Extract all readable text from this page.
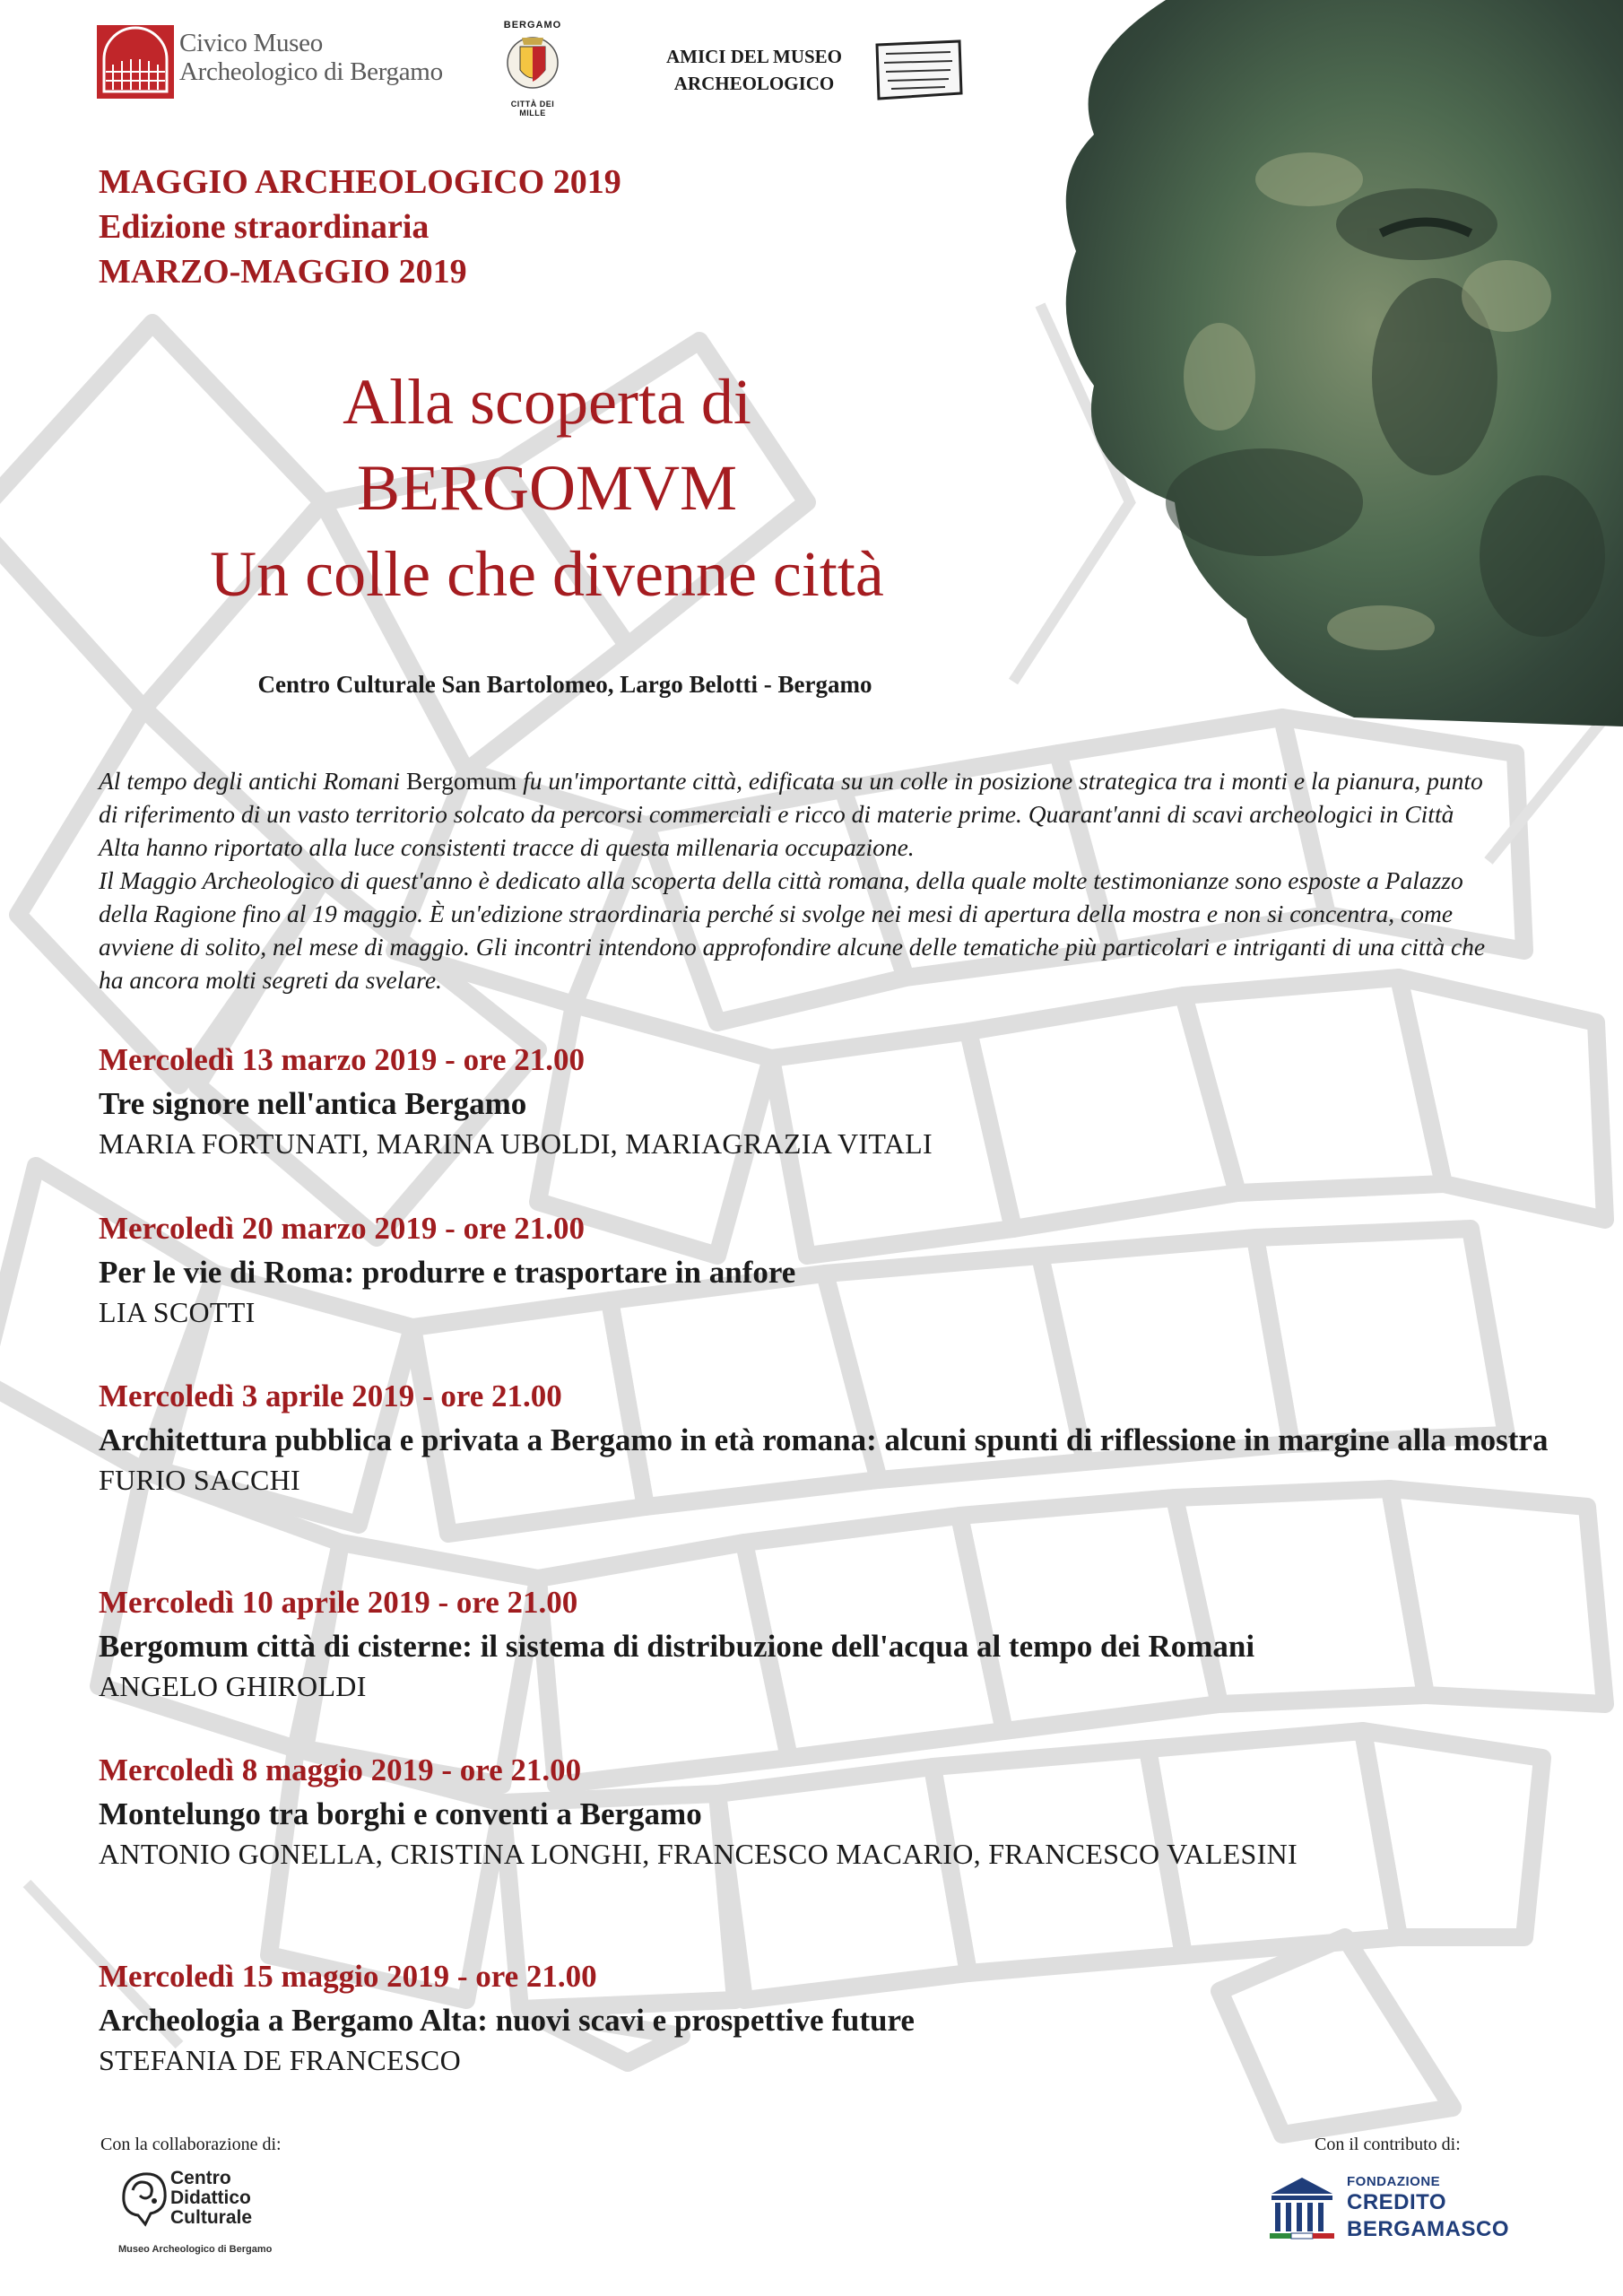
Civico Museo
Archeologico di Bergamo
BERGAMO
CITTÀ DEI MILLE
AMICI DEL MUSEO
ARCHEOLOGICO
MAGGIO ARCHEOLOGICO 2019
Edizione straordinaria
MARZO-MAGGIO 2019
Alla scoperta di
BERGOMVM
Un colle che divenne città
Centro Culturale San Bartolomeo, Largo Belotti - Bergamo

Al tempo degli antichi Romani Bergomum fu un'importante città, edificata su un colle in posizione strategica tra i monti e la pianura, punto di riferimento di un vasto territorio solcato da percorsi commerciali e ricco di materie prime. Quarant'anni di scavi archeologici in Città Alta hanno riportato alla luce consistenti tracce di questa millenaria occupazione.

Il Maggio Archeologico di quest'anno è dedicato alla scoperta della città romana, della quale molte testimonianze sono esposte a Palazzo della Ragione fino al 19 maggio. È un'edizione straordinaria perché si svolge nei mesi di apertura della mostra e non si concentra, come avviene di solito, nel mese di maggio. Gli incontri intendono approfondire alcune delle tematiche più particolari e intriganti di una città che ha ancora molti segreti da svelare.

Mercoledì 13 marzo 2019 - ore 21.00
Tre signore nell'antica Bergamo
MARIA FORTUNATI, MARINA UBOLDI, MARIAGRAZIA VITALI
Mercoledì 20 marzo 2019 - ore 21.00
Per le vie di Roma: produrre e trasportare in anfore
LIA SCOTTI
Mercoledì 3 aprile 2019 - ore 21.00
Architettura pubblica e privata a Bergamo in età romana: alcuni spunti di riflessione in margine alla mostra
FURIO SACCHI
Mercoledì 10 aprile 2019 - ore 21.00
Bergomum città di cisterne: il sistema di distribuzione dell'acqua al tempo dei Romani
ANGELO GHIROLDI
Mercoledì 8 maggio 2019 - ore 21.00
Montelungo tra borghi e conventi a Bergamo
ANTONIO GONELLA, CRISTINA LONGHI, FRANCESCO MACARIO, FRANCESCO VALESINI
Mercoledì 15 maggio 2019 - ore 21.00
Archeologia a Bergamo Alta: nuovi scavi e prospettive future
STEFANIA DE FRANCESCO
Con la collaborazione di:
Centro
Didattico
Culturale
Museo Archeologico di Bergamo
Con il contributo di:
FONDAZIONE
CREDITO
BERGAMASCO
